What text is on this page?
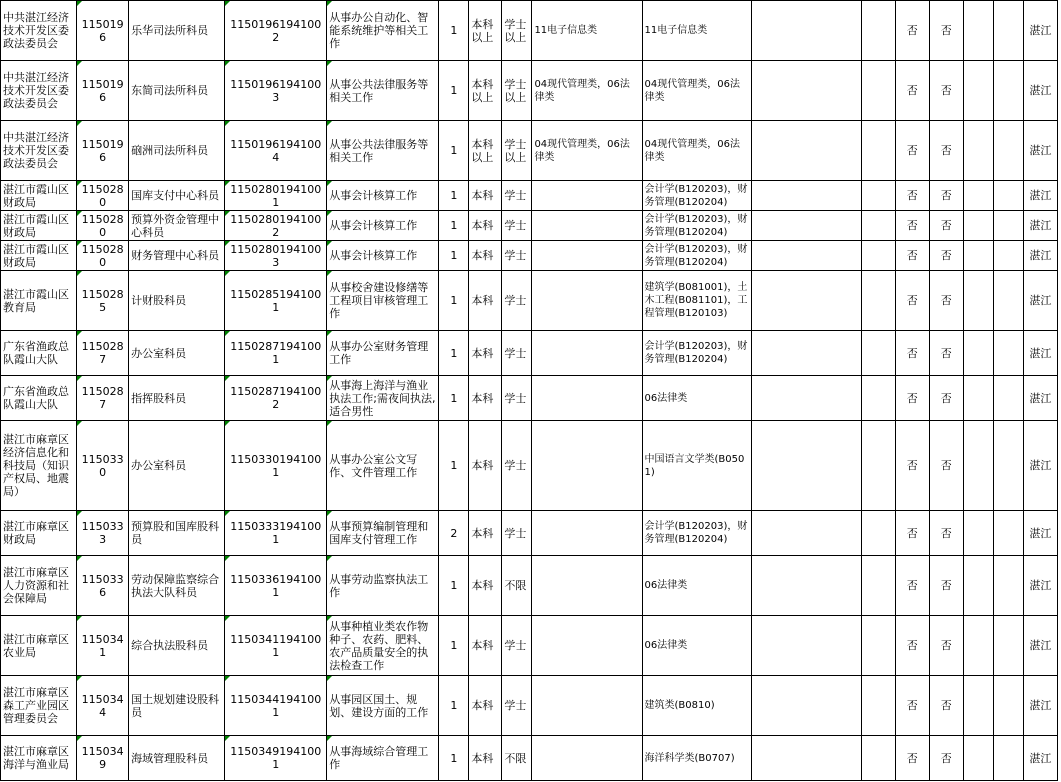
中共湛江经济技术开发区委政法委员会	1150196	乐华司法所科员	11501961941002	从事办公自动化、智能系统维护等相关工作	1	本科以上	学士以上	11电子信息类	11电子信息类			否	否			湛江
中共湛江经济技术开发区委政法委员会	1150196	东简司法所科员	11501961941003	从事公共法律服务等相关工作	1	本科以上	学士以上	04现代管理类，06法律类	04现代管理类，06法律类			否	否			湛江
中共湛江经济技术开发区委政法委员会	1150196	硇洲司法所科员	11501961941004	从事公共法律服务等相关工作	1	本科以上	学士以上	04现代管理类，06法律类	04现代管理类，06法律类			否	否			湛江
湛江市霞山区财政局	1150280	国库支付中心科员	11502801941001	从事会计核算工作	1	本科	学士		会计学(B120203)，财务管理(B120204)			否	否			湛江
湛江市霞山区财政局	1150280	预算外资金管理中心科员	11502801941002	从事会计核算工作	1	本科	学士		会计学(B120203)，财务管理(B120204)			否	否			湛江
湛江市霞山区财政局	1150280	财务管理中心科员	11502801941003	从事会计核算工作	1	本科	学士		会计学(B120203)，财务管理(B120204)			否	否			湛江
湛江市霞山区教育局	1150285	计财股科员	11502851941001	从事校舍建设修缮等工程项目审核管理工作	1	本科	学士		建筑学(B081001)，土木工程(B081101)，工程管理(B120103)			否	否			湛江
广东省渔政总队霞山大队	1150287	办公室科员	11502871941001	从事办公室财务管理工作	1	本科	学士		会计学(B120203)，财务管理(B120204)			否	否			湛江
广东省渔政总队霞山大队	1150287	指挥股科员	11502871941002	从事海上海洋与渔业执法工作;需夜间执法,适合男性	1	本科	学士		06法律类			否	否			湛江
湛江市麻章区经济信息化和科技局（知识产权局、地震局）	1150330	办公室科员	11503301941001	从事办公室公文写作、文件管理工作	1	本科	学士		中国语言文学类(B0501)			否	否			湛江
湛江市麻章区财政局	1150333	预算股和国库股科员	11503331941001	从事预算编制管理和国库支付管理工作	2	本科	学士		会计学(B120203)，财务管理(B120204)			否	否			湛江
湛江市麻章区人力资源和社会保障局	1150336	劳动保障监察综合执法大队科员	11503361941001	从事劳动监察执法工作	1	本科	不限		06法律类			否	否			湛江
湛江市麻章区农业局	1150341	综合执法股科员	11503411941001	从事种植业类农作物种子、农药、肥料、农产品质量安全的执法检查工作	1	本科	学士		06法律类			否	否			湛江
湛江市麻章区森工产业园区管理委员会	1150344	国土规划建设股科员	11503441941001	从事园区国土、规划、建设方面的工作	1	本科	学士		建筑类(B0810)			否	否			湛江
湛江市麻章区海洋与渔业局	1150349	海域管理股科员	11503491941001	从事海域综合管理工作	1	本科	不限		海洋科学类(B0707)			否	否			湛江
